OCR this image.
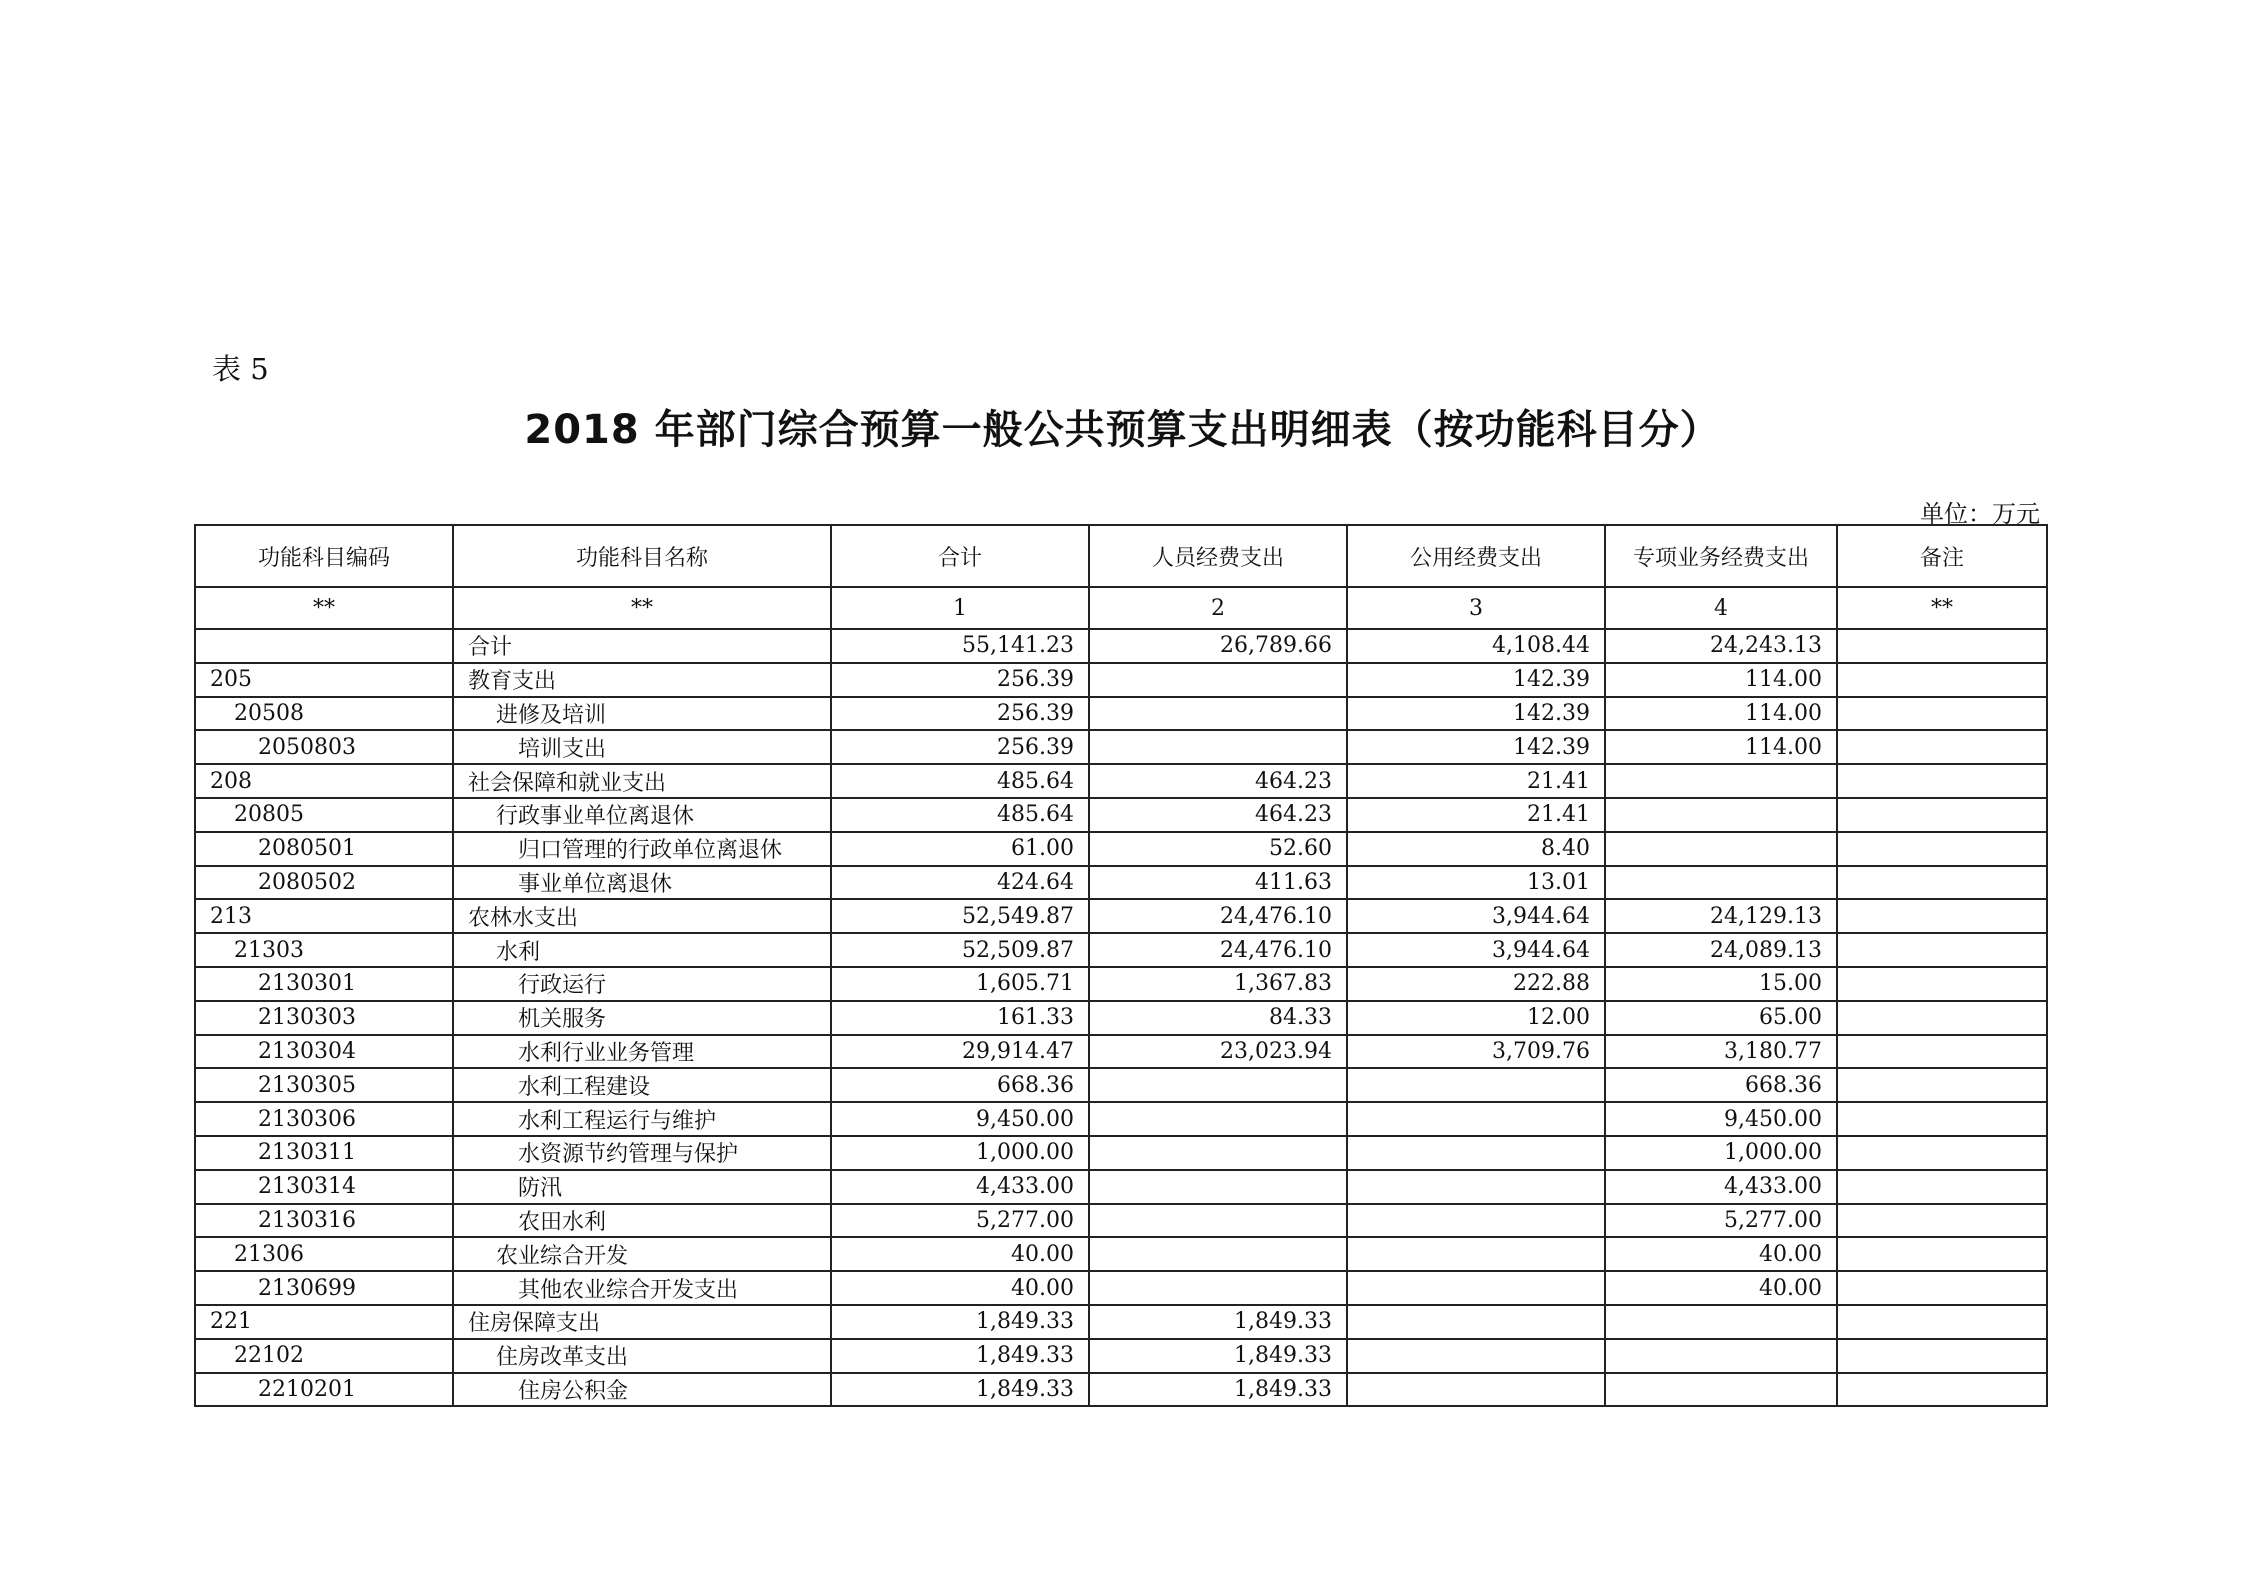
表 5
2018 年部门综合预算一般公共预算支出明细表（按功能科目分）
单位：万元
功能科目编码	功能科目名称	合计	人员经费支出	公用经费支出	专项业务经费支出	备注
**	**	1	2	3	4	**
	合计	55,141.23	26,789.66	4,108.44	24,243.13	
205	教育支出	256.39		142.39	114.00	
20508	进修及培训	256.39		142.39	114.00	
2050803	培训支出	256.39		142.39	114.00	
208	社会保障和就业支出	485.64	464.23	21.41		
20805	行政事业单位离退休	485.64	464.23	21.41		
2080501	归口管理的行政单位离退休	61.00	52.60	8.40		
2080502	事业单位离退休	424.64	411.63	13.01		
213	农林水支出	52,549.87	24,476.10	3,944.64	24,129.13	
21303	水利	52,509.87	24,476.10	3,944.64	24,089.13	
2130301	行政运行	1,605.71	1,367.83	222.88	15.00	
2130303	机关服务	161.33	84.33	12.00	65.00	
2130304	水利行业业务管理	29,914.47	23,023.94	3,709.76	3,180.77	
2130305	水利工程建设	668.36			668.36	
2130306	水利工程运行与维护	9,450.00			9,450.00	
2130311	水资源节约管理与保护	1,000.00			1,000.00	
2130314	防汛	4,433.00			4,433.00	
2130316	农田水利	5,277.00			5,277.00	
21306	农业综合开发	40.00			40.00	
2130699	其他农业综合开发支出	40.00			40.00	
221	住房保障支出	1,849.33	1,849.33			
22102	住房改革支出	1,849.33	1,849.33			
2210201	住房公积金	1,849.33	1,849.33			
